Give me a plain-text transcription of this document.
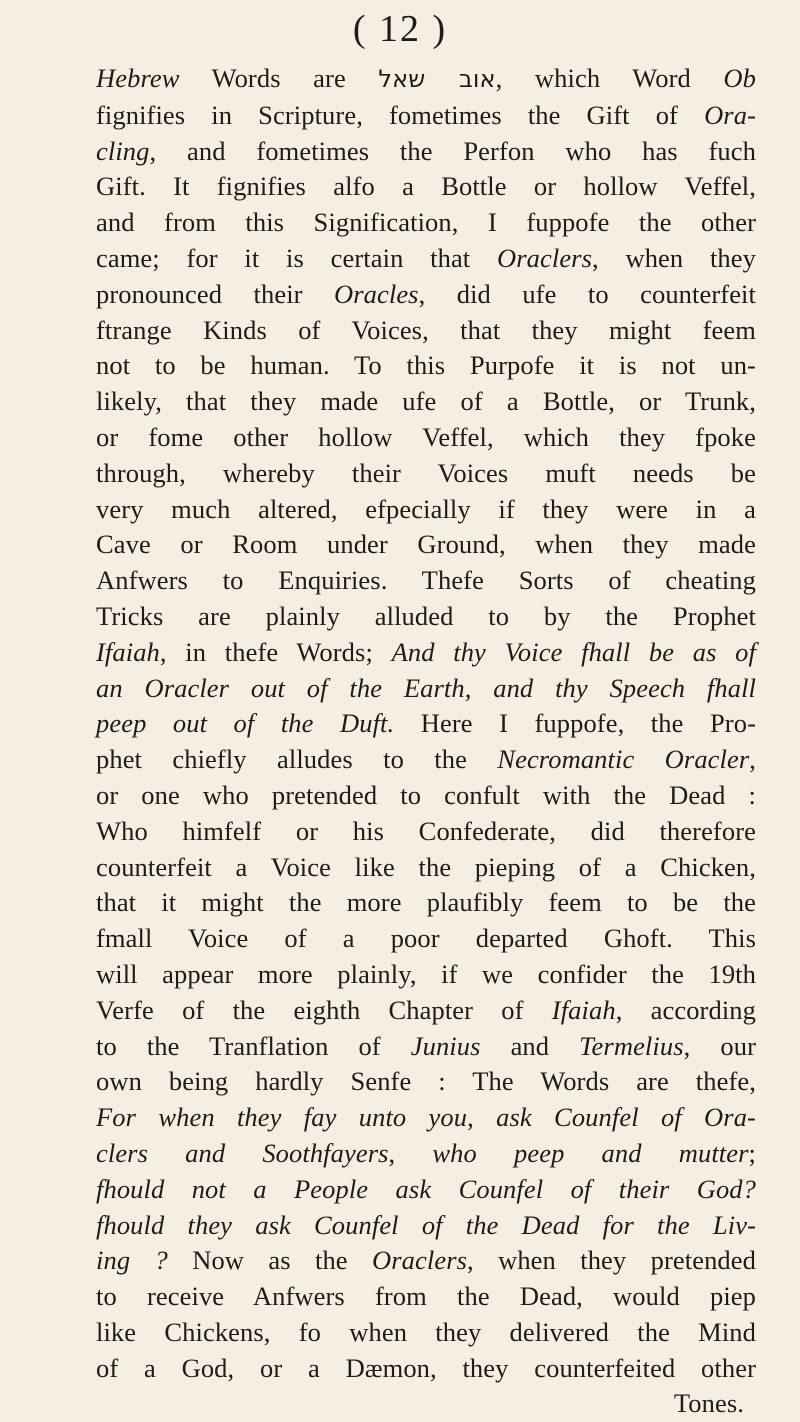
( 12 )
Hebrew Words are אוב שאל, which Word Ob
fignifies in Scripture, fometimes the Gift of Ora-
cling, and fometimes the Perfon who has fuch
Gift. It fignifies alfo a Bottle or hollow Veffel,
and from this Signification, I fuppofe the other
came; for it is certain that Oraclers, when they
pronounced their Oracles, did ufe to counterfeit
ftrange Kinds of Voices, that they might feem
not to be human. To this Purpofe it is not un-
likely, that they made ufe of a Bottle, or Trunk,
or fome other hollow Veffel, which they fpoke
through, whereby their Voices muft needs be
very much altered, efpecially if they were in a
Cave or Room under Ground, when they made
Anfwers to Enquiries. Thefe Sorts of cheating
Tricks are plainly alluded to by the Prophet
Ifaiah, in thefe Words; And thy Voice fhall be as of
an Oracler out of the Earth, and thy Speech fhall
peep out of the Duft. Here I fuppofe, the Pro-
phet chiefly alludes to the Necromantic Oracler,
or one who pretended to confult with the Dead :
Who himfelf or his Confederate, did therefore
counterfeit a Voice like the pieping of a Chicken,
that it might the more plaufibly feem to be the
fmall Voice of a poor departed Ghoft. This
will appear more plainly, if we confider the 19th
Verfe of the eighth Chapter of Ifaiah, according
to the Tranflation of Junius and Termelius, our
own being hardly Senfe : The Words are thefe,
For when they fay unto you, ask Counfel of Ora-
clers and Soothfayers, who peep and mutter;
fhould not a People ask Counfel of their God?
fhould they ask Counfel of the Dead for the Liv-
ing ? Now as the Oraclers, when they pretended
to receive Anfwers from the Dead, would piep
like Chickens, fo when they delivered the Mind
of a God, or a Dæmon, they counterfeited other
Tones.
